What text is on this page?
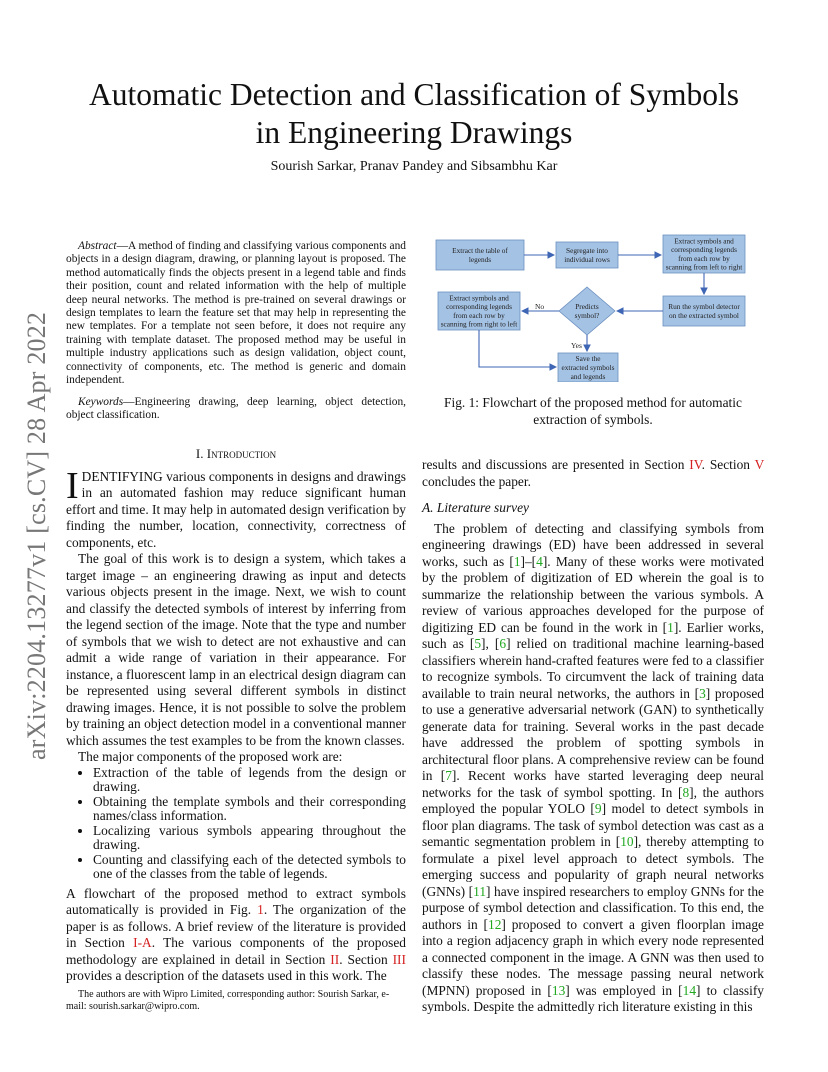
Automatic Detection and Classification of Symbols
in Engineering Drawings
Sourish Sarkar, Pranav Pandey and Sibsambhu Kar
arXiv:2204.13277v1 [cs.CV] 28 Apr 2022
Abstract—A method of finding and classifying various components and objects in a design diagram, drawing, or planning layout is proposed. The method automatically finds the objects present in a legend table and finds their position, count and related information with the help of multiple deep neural networks. The method is pre-trained on several drawings or design templates to learn the feature set that may help in representing the new templates. For a template not seen before, it does not require any training with template dataset. The proposed method may be useful in multiple industry applications such as design validation, object count, connectivity of components, etc. The method is generic and domain independent.
Keywords—Engineering drawing, deep learning, object detection, object classification.

I. Introduction

IDENTIFYING various components in designs and drawings in an automated fashion may reduce significant human effort and time. It may help in automated design verification by finding the number, location, connectivity, correctness of components, etc.

The goal of this work is to design a system, which takes a target image – an engineering drawing as input and detects various objects present in the image. Next, we wish to count and classify the detected symbols of interest by inferring from the legend section of the image. Note that the type and number of symbols that we wish to detect are not exhaustive and can admit a wide range of variation in their appearance. For instance, a fluorescent lamp in an electrical design diagram can be represented using several different symbols in distinct drawing images. Hence, it is not possible to solve the problem by training an object detection model in a conventional manner which assumes the test examples to be from the known classes.

The major components of the proposed work are:

• Extraction of the table of legends from the design or drawing.
• Obtaining the template symbols and their corresponding names/class information.
• Localizing various symbols appearing throughout the drawing.
• Counting and classifying each of the detected symbols to one of the classes from the table of legends.

A flowchart of the proposed method to extract symbols automatically is provided in Fig. 1. The organization of the paper is as follows. A brief review of the literature is provided in Section I-A. The various components of the proposed methodology are explained in detail in Section II. Section III provides a description of the datasets used in this work. The

The authors are with Wipro Limited, corresponding author: Sourish Sarkar, e-mail: sourish.sarkar@wipro.com.
Extract the table of
legends
Segregate into
individual rows
Extract symbols and
corresponding legends
from each row by
scanning from left to right
Extract symbols and
corresponding legends
from each row by
scanning from right to left
Predicts
symbol?
Run the symbol detector
on the extracted symbol
Save the
extracted symbols
and legends
No
Yes
Fig. 1: Flowchart of the proposed method for automatic extraction of symbols.

results and discussions are presented in Section IV. Section V concludes the paper.

A. Literature survey

The problem of detecting and classifying symbols from engineering drawings (ED) have been addressed in several works, such as [1]–[4]. Many of these works were motivated by the problem of digitization of ED wherein the goal is to summarize the relationship between the various symbols. A review of various approaches developed for the purpose of digitizing ED can be found in the work in [1]. Earlier works, such as [5], [6] relied on traditional machine learning-based classifiers wherein hand-crafted features were fed to a classifier to recognize symbols. To circumvent the lack of training data available to train neural networks, the authors in [3] proposed to use a generative adversarial network (GAN) to synthetically generate data for training. Several works in the past decade have addressed the problem of spotting symbols in architectural floor plans. A comprehensive review can be found in [7]. Recent works have started leveraging deep neural networks for the task of symbol spotting. In [8], the authors employed the popular YOLO [9] model to detect symbols in floor plan diagrams. The task of symbol detection was cast as a semantic segmentation problem in [10], thereby attempting to formulate a pixel level approach to detect symbols. The emerging success and popularity of graph neural networks (GNNs) [11] have inspired researchers to employ GNNs for the purpose of symbol detection and classification. To this end, the authors in [12] proposed to convert a given floorplan image into a region adjacency graph in which every node represented a connected component in the image. A GNN was then used to classify these nodes. The message passing neural network (MPNN) proposed in [13] was employed in [14] to classify symbols. Despite the admittedly rich literature existing in this
